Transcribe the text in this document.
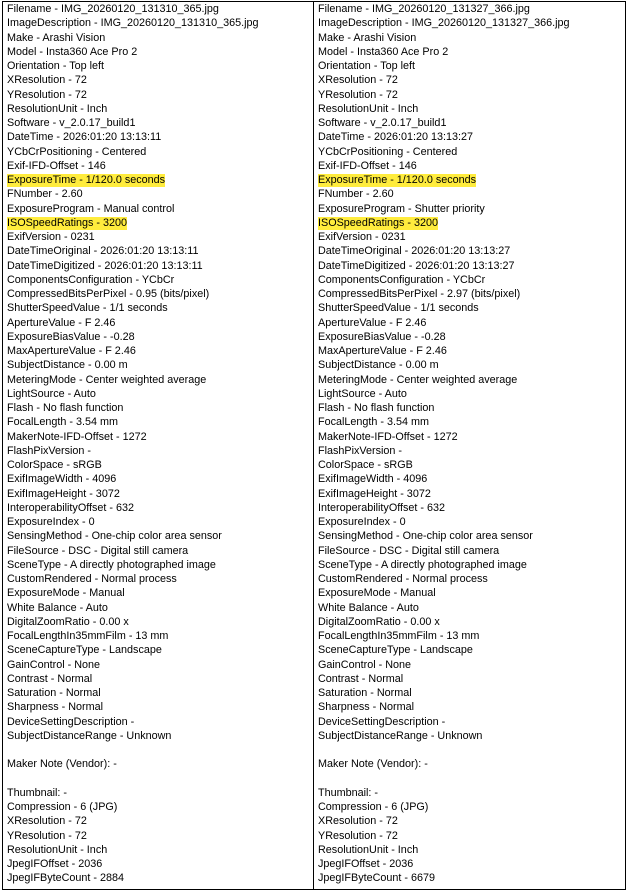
Filename - IMG_20260120_131310_365.jpg
ImageDescription - IMG_20260120_131310_365.jpg
Make - Arashi Vision
Model - Insta360 Ace Pro 2
Orientation - Top left
XResolution - 72
YResolution - 72
ResolutionUnit - Inch
Software - v_2.0.17_build1
DateTime - 2026:01:20 13:13:11
YCbCrPositioning - Centered
Exif-IFD-Offset - 146
ExposureTime - 1/120.0 seconds
FNumber - 2.60
ExposureProgram - Manual control
ISOSpeedRatings - 3200
ExifVersion - 0231
DateTimeOriginal - 2026:01:20 13:13:11
DateTimeDigitized - 2026:01:20 13:13:11
ComponentsConfiguration - YCbCr
CompressedBitsPerPixel - 0.95 (bits/pixel)
ShutterSpeedValue - 1/1 seconds
ApertureValue - F 2.46
ExposureBiasValue - -0.28
MaxApertureValue - F 2.46
SubjectDistance - 0.00 m
MeteringMode - Center weighted average
LightSource - Auto
Flash - No flash function
FocalLength - 3.54 mm
MakerNote-IFD-Offset - 1272
FlashPixVersion -
ColorSpace - sRGB
ExifImageWidth - 4096
ExifImageHeight - 3072
InteroperabilityOffset - 632
ExposureIndex - 0
SensingMethod - One-chip color area sensor
FileSource - DSC - Digital still camera
SceneType - A directly photographed image
CustomRendered - Normal process
ExposureMode - Manual
White Balance - Auto
DigitalZoomRatio - 0.00 x
FocalLengthIn35mmFilm - 13 mm
SceneCaptureType - Landscape
GainControl - None
Contrast - Normal
Saturation - Normal
Sharpness - Normal
DeviceSettingDescription -
SubjectDistanceRange - Unknown
Maker Note (Vendor): -
Thumbnail: -
Compression - 6 (JPG)
XResolution - 72
YResolution - 72
ResolutionUnit - Inch
JpegIFOffset - 2036
JpegIFByteCount - 2884
Filename - IMG_20260120_131327_366.jpg
ImageDescription - IMG_20260120_131327_366.jpg
Make - Arashi Vision
Model - Insta360 Ace Pro 2
Orientation - Top left
XResolution - 72
YResolution - 72
ResolutionUnit - Inch
Software - v_2.0.17_build1
DateTime - 2026:01:20 13:13:27
YCbCrPositioning - Centered
Exif-IFD-Offset - 146
ExposureTime - 1/120.0 seconds
FNumber - 2.60
ExposureProgram - Shutter priority
ISOSpeedRatings - 3200
ExifVersion - 0231
DateTimeOriginal - 2026:01:20 13:13:27
DateTimeDigitized - 2026:01:20 13:13:27
ComponentsConfiguration - YCbCr
CompressedBitsPerPixel - 2.97 (bits/pixel)
ShutterSpeedValue - 1/1 seconds
ApertureValue - F 2.46
ExposureBiasValue - -0.28
MaxApertureValue - F 2.46
SubjectDistance - 0.00 m
MeteringMode - Center weighted average
LightSource - Auto
Flash - No flash function
FocalLength - 3.54 mm
MakerNote-IFD-Offset - 1272
FlashPixVersion -
ColorSpace - sRGB
ExifImageWidth - 4096
ExifImageHeight - 3072
InteroperabilityOffset - 632
ExposureIndex - 0
SensingMethod - One-chip color area sensor
FileSource - DSC - Digital still camera
SceneType - A directly photographed image
CustomRendered - Normal process
ExposureMode - Manual
White Balance - Auto
DigitalZoomRatio - 0.00 x
FocalLengthIn35mmFilm - 13 mm
SceneCaptureType - Landscape
GainControl - None
Contrast - Normal
Saturation - Normal
Sharpness - Normal
DeviceSettingDescription -
SubjectDistanceRange - Unknown
Maker Note (Vendor): -
Thumbnail: -
Compression - 6 (JPG)
XResolution - 72
YResolution - 72
ResolutionUnit - Inch
JpegIFOffset - 2036
JpegIFByteCount - 6679
